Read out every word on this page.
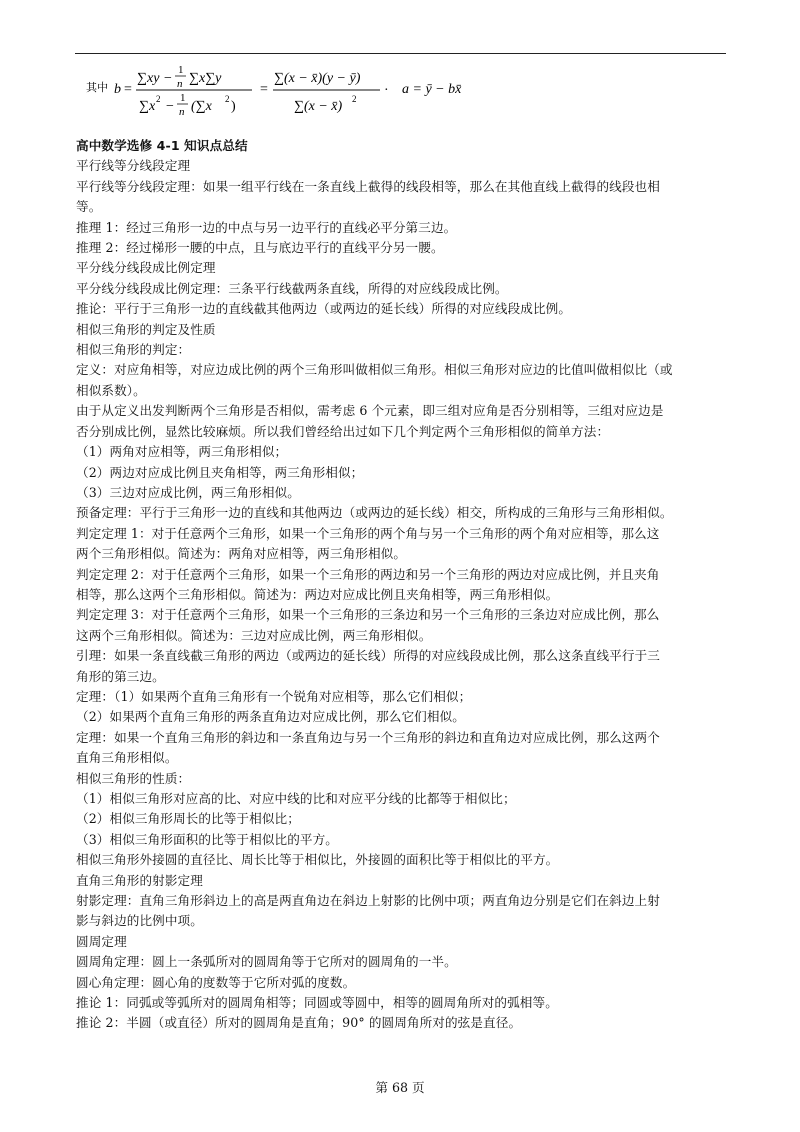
其中 b =
∑xy −
1
n ∑x∑y
∑x 2 −
1
n (∑x 2 )
=
∑(x − x̄)(y − ȳ)
∑(x − x̄) 2
· a = ȳ − bx̄
高中数学选修 4-1 知识点总结
平行线等分线段定理
平行线等分线段定理：如果一组平行线在一条直线上截得的线段相等，那么在其他直线上截得的线段也相
等。
推理 1：经过三角形一边的中点与另一边平行的直线必平分第三边。
推理 2：经过梯形一腰的中点，且与底边平行的直线平分另一腰。
平分线分线段成比例定理
平分线分线段成比例定理：三条平行线截两条直线，所得的对应线段成比例。
推论：平行于三角形一边的直线截其他两边（或两边的延长线）所得的对应线段成比例。
相似三角形的判定及性质
相似三角形的判定：
定义：对应角相等，对应边成比例的两个三角形叫做相似三角形。相似三角形对应边的比值叫做相似比（或
相似系数）。
由于从定义出发判断两个三角形是否相似，需考虑 6 个元素，即三组对应角是否分别相等，三组对应边是
否分别成比例，显然比较麻烦。所以我们曾经给出过如下几个判定两个三角形相似的简单方法：
（1）两角对应相等，两三角形相似；
（2）两边对应成比例且夹角相等，两三角形相似；
（3）三边对应成比例，两三角形相似。
预备定理：平行于三角形一边的直线和其他两边（或两边的延长线）相交，所构成的三角形与三角形相似。
判定定理 1：对于任意两个三角形，如果一个三角形的两个角与另一个三角形的两个角对应相等，那么这
两个三角形相似。简述为：两角对应相等，两三角形相似。
判定定理 2：对于任意两个三角形，如果一个三角形的两边和另一个三角形的两边对应成比例，并且夹角
相等，那么这两个三角形相似。简述为：两边对应成比例且夹角相等，两三角形相似。
判定定理 3：对于任意两个三角形，如果一个三角形的三条边和另一个三角形的三条边对应成比例，那么
这两个三角形相似。简述为：三边对应成比例，两三角形相似。
引理：如果一条直线截三角形的两边（或两边的延长线）所得的对应线段成比例，那么这条直线平行于三
角形的第三边。
定理：（1）如果两个直角三角形有一个锐角对应相等，那么它们相似；
（2）如果两个直角三角形的两条直角边对应成比例，那么它们相似。
定理：如果一个直角三角形的斜边和一条直角边与另一个三角形的斜边和直角边对应成比例，那么这两个
直角三角形相似。
相似三角形的性质：
（1）相似三角形对应高的比、对应中线的比和对应平分线的比都等于相似比；
（2）相似三角形周长的比等于相似比；
（3）相似三角形面积的比等于相似比的平方。
相似三角形外接圆的直径比、周长比等于相似比，外接圆的面积比等于相似比的平方。
直角三角形的射影定理
射影定理：直角三角形斜边上的高是两直角边在斜边上射影的比例中项；两直角边分别是它们在斜边上射
影与斜边的比例中项。
圆周定理
圆周角定理：圆上一条弧所对的圆周角等于它所对的圆周角的一半。
圆心角定理：圆心角的度数等于它所对弧的度数。
推论 1：同弧或等弧所对的圆周角相等；同圆或等圆中，相等的圆周角所对的弧相等。
推论 2：半圆（或直径）所对的圆周角是直角；90° 的圆周角所对的弦是直径。
第 68 页
